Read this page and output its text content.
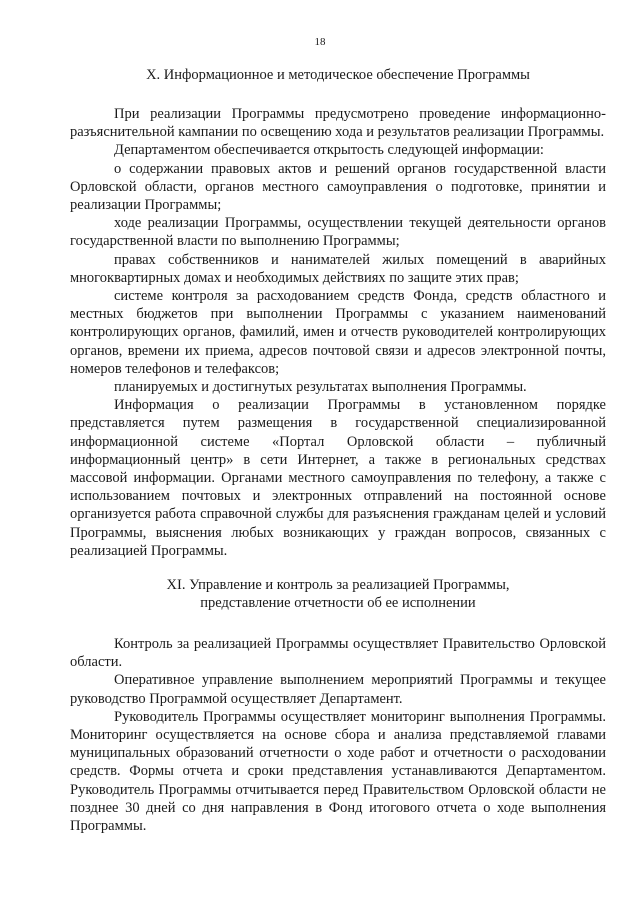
18
X. Информационное и методическое обеспечение Программы

При реализации Программы предусмотрено проведение информационно-разъяснительной кампании по освещению хода и результатов реализации Программы.

Департаментом обеспечивается открытость следующей информации:

о содержании правовых актов и решений органов государственной власти Орловской области, органов местного самоуправления о подготовке, принятии и реализации Программы;

ходе реализации Программы, осуществлении текущей деятельности органов государственной власти по выполнению Программы;

правах собственников и нанимателей жилых помещений в аварийных многоквартирных домах и необходимых действиях по защите этих прав;

системе контроля за расходованием средств Фонда, средств областного и местных бюджетов при выполнении Программы с указанием наименований контролирующих органов, фамилий, имен и отчеств руководителей контролирующих органов, времени их приема, адресов почтовой связи и адресов электронной почты, номеров телефонов и телефаксов;

планируемых и достигнутых результатах выполнения Программы.

Информация о реализации Программы в установленном порядке представляется путем размещения в государственной специализированной информационной системе «Портал Орловской области – публичный информационный центр» в сети Интернет, а также в региональных средствах массовой информации. Органами местного самоуправления по телефону, а также с использованием почтовых и электронных отправлений на постоянной основе организуется работа справочной службы для разъяснения гражданам целей и условий Программы, выяснения любых возникающих у граждан вопросов, связанных с реализацией Программы.

XI. Управление и контроль за реализацией Программы,
представление отчетности об ее исполнении

Контроль за реализацией Программы осуществляет Правительство Орловской области.

Оперативное управление выполнением мероприятий Программы и текущее руководство Программой осуществляет Департамент.

Руководитель Программы осуществляет мониторинг выполнения Программы. Мониторинг осуществляется на основе сбора и анализа представляемой главами муниципальных образований отчетности о ходе работ и отчетности о расходовании средств. Формы отчета и сроки представления устанавливаются Департаментом. Руководитель Программы отчитывается перед Правительством Орловской области не позднее 30 дней со дня направления в Фонд итогового отчета о ходе выполнения Программы.
